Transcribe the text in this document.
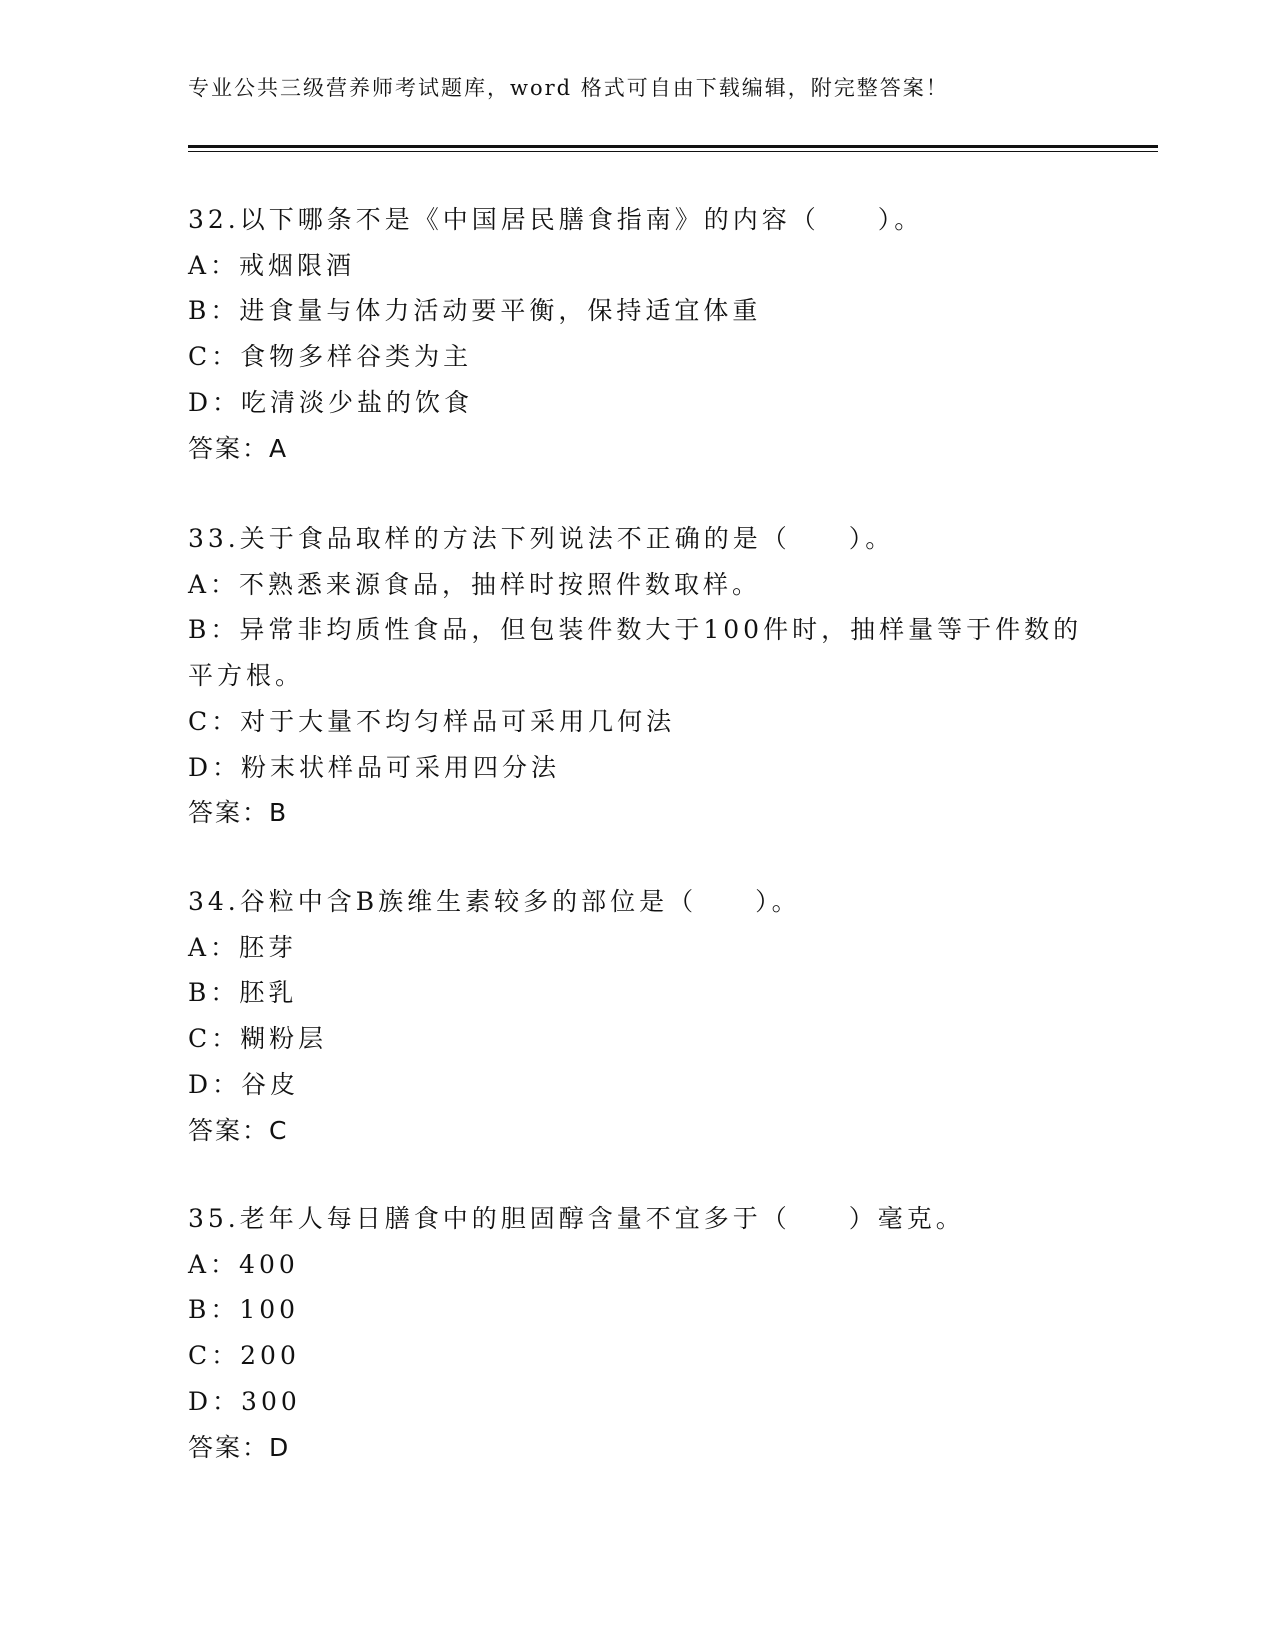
专业公共三级营养师考试题库，word 格式可自由下载编辑，附完整答案！
32.以下哪条不是《中国居民膳食指南》的内容（　　）。
A：戒烟限酒
B：进食量与体力活动要平衡，保持适宜体重
C：食物多样谷类为主
D：吃清淡少盐的饮食
答案：A
33.关于食品取样的方法下列说法不正确的是（　　）。
A：不熟悉来源食品，抽样时按照件数取样。
B：异常非均质性食品，但包装件数大于100件时，抽样量等于件数的
平方根。
C：对于大量不均匀样品可采用几何法
D：粉末状样品可采用四分法
答案：B
34.谷粒中含B族维生素较多的部位是（　　）。
A：胚芽
B：胚乳
C：糊粉层
D：谷皮
答案：C
35.老年人每日膳食中的胆固醇含量不宜多于（　　）毫克。
A：400
B：100
C：200
D：300
答案：D
